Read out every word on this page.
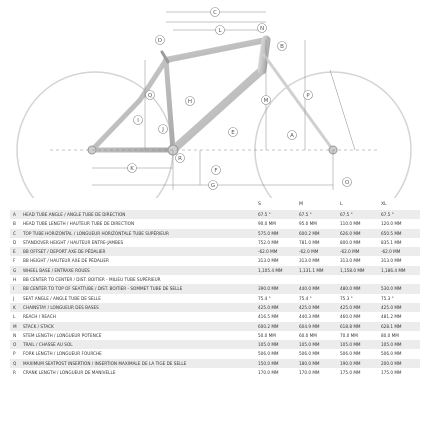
C
L
B
N
P
M
H
Q
I
J
A
E
R
K	F
O
G
D
S	M	L	XL
A HEAD TUBE ANGLE / ANGLE TUBE DE DIRECTION	67.5 °	67.5 °	67.5 °	67.5 °
B HEAD TUBE LENGTH / HAUTEUR TUBE DE DIRECTION	90.0 MM	95.0 MM	110.0 MM	120.0 MM
C TOP TUBE HORIZONTAL / LONGUEUR HORIZONTALE TUBE SUPÉRIEUR	575.0 MM	600.2 MM	626.0 MM	650.5 MM
D STANDOVER HEIGHT / HAUTEUR ENTRE-JAMBES	752.0 MM	781.0 MM	800.0 MM	835.1 MM
E BB OFFSET / DEPORT AXE DE PÉDALIER	-62.0 MM	-62.0 MM	-62.0 MM	-62.0 MM
F BB HEIGHT / HAUTEUR AXE DE PÉDALIER	313.0 MM	313.0 MM	313.0 MM	313.0 MM
G WHEEL BASE / ENTRAXE ROUES	1,105.4 MM	1,131.1 MM	1,158.0 MM	1,186.4 MM
H BB CENTER TO CENTER / DIST. BOITIER - MILIEU TUBE SUPÉRIEUR
I BB CENTER TO TOP OF SEATTUBE / DIST. BOITIER - SOMMET TUBE DE SELLE	390.0 MM	440.0 MM	480.0 MM	530.0 MM
J SEAT ANGLE / ANGLE TUBE DE SELLE	75.4 °	75.4 °	75.3 °	75.3 °
K CHAINSTAY / LONGUEUR DES BASES	425.0 MM	425.0 MM	425.0 MM	425.0 MM
L REACH / REACH	416.5 MM	440.3 MM	460.0 MM	481.2 MM
M STACK / STACK	600.2 MM	604.9 MM	618.8 MM	628.1 MM
N STEM LENGTH / LONGUEUR POTENCE	50.0 MM	60.0 MM	70.0 MM	80.0 MM
O TRAIL / CHASSE AU SOL	105.0 MM	105.0 MM	105.0 MM	105.0 MM
P FORK LENGTH / LONGUEUR FOURCHE	506.0 MM	506.0 MM	506.0 MM	506.0 MM
Q MAXIMUM SEATPOST INSERTION / INSERTION MAXIMALE DE LA TIGE DE SELLE	150.0 MM	180.0 MM	190.0 MM	200.0 MM
R CRANK LENGTH / LONGUEUR DE MANIVELLE	170.0 MM	170.0 MM	175.0 MM	175.0 MM
